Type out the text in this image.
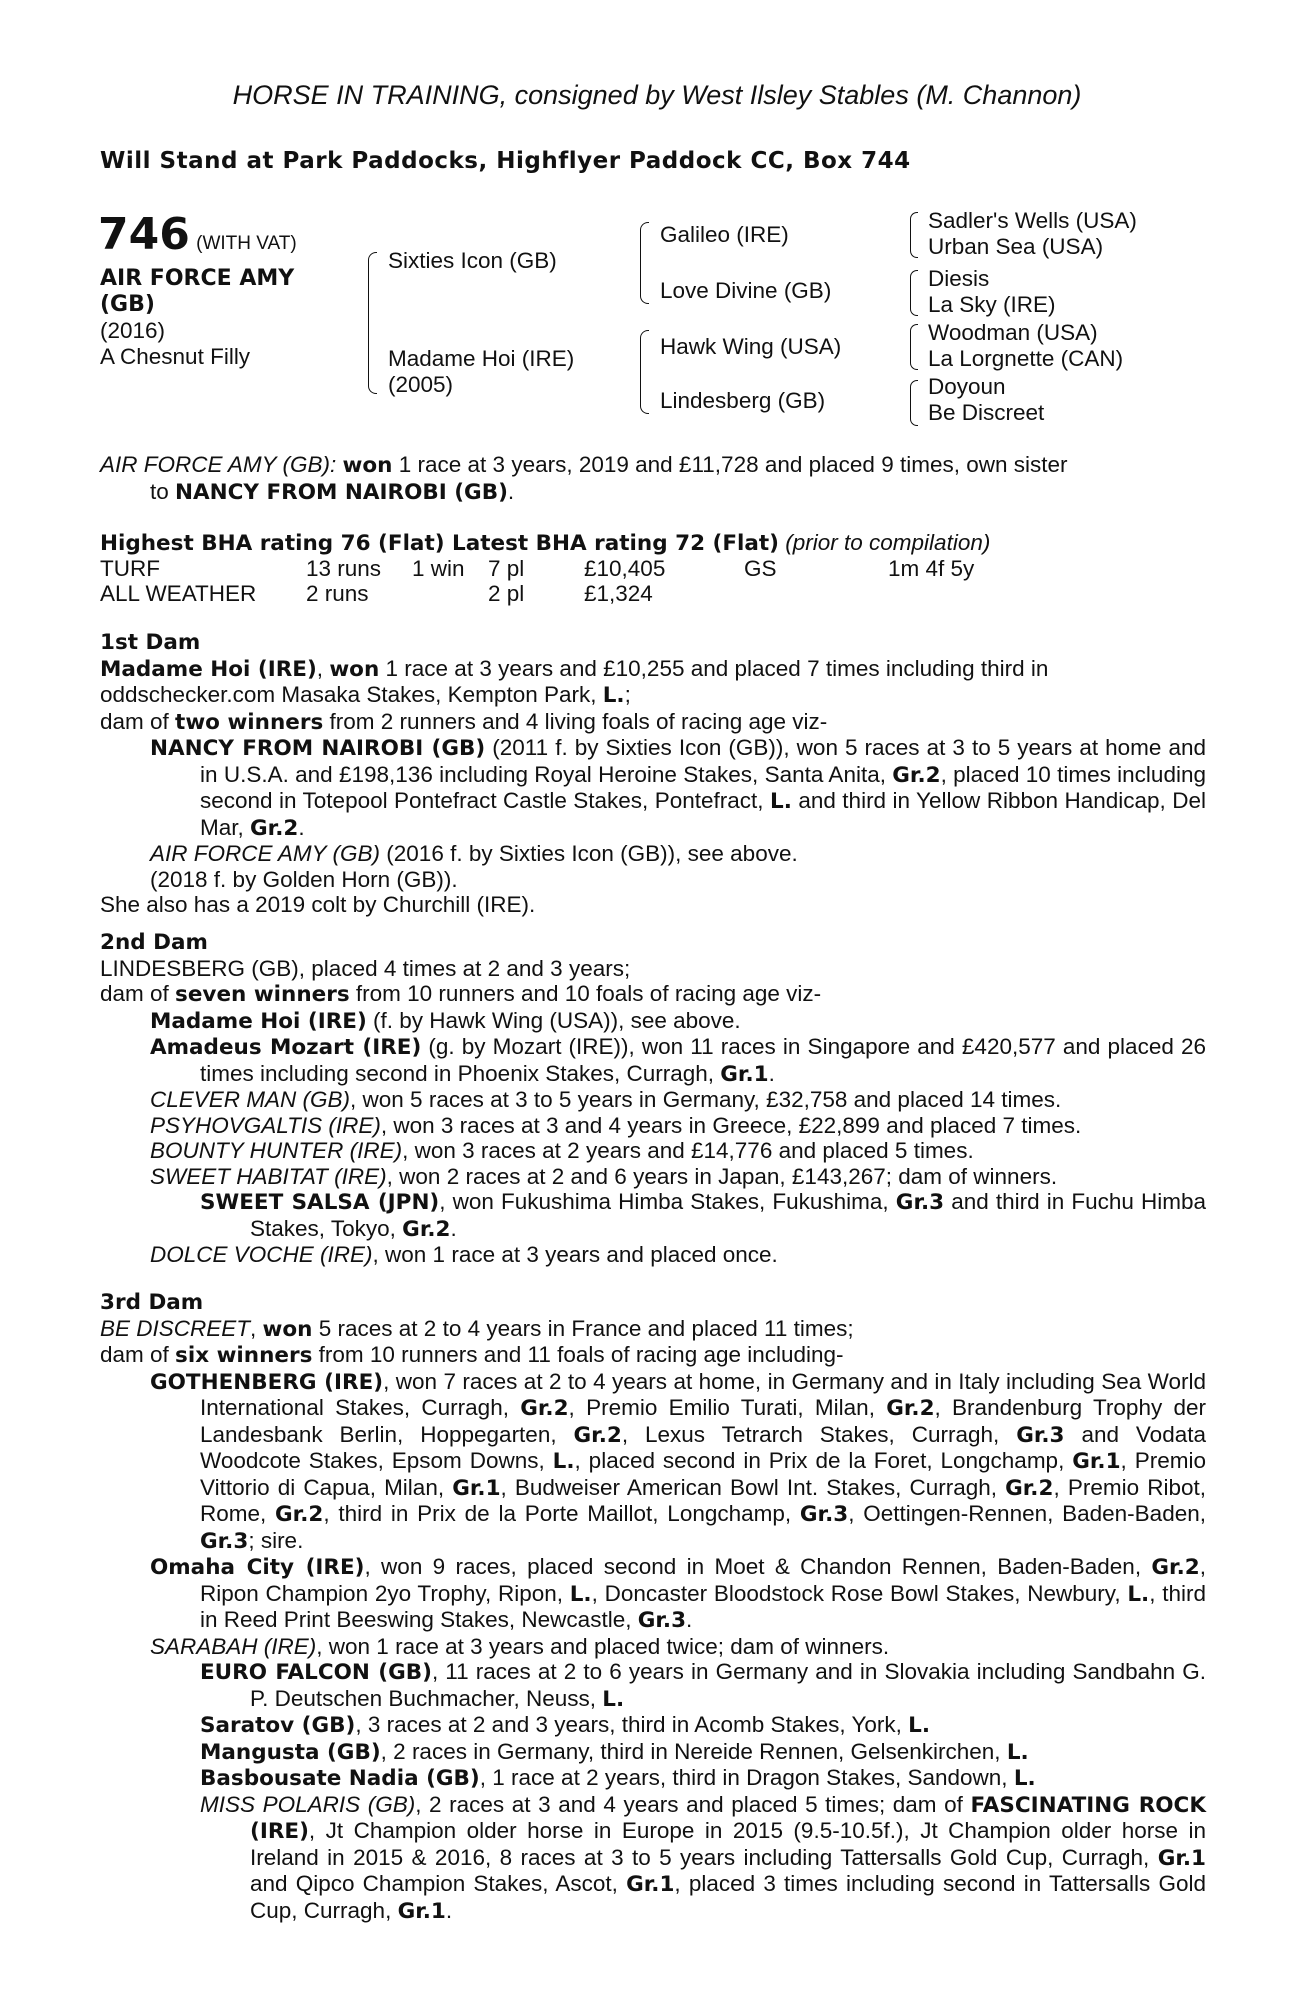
HORSE IN TRAINING, consigned by West Ilsley Stables (M. Channon)
Will Stand at Park Paddocks, Highflyer Paddock CC, Box 744
746 (WITH VAT)
AIR FORCE AMY
(GB)
(2016)
A Chesnut Filly
Sixties Icon (GB)
Madame Hoi (IRE)
(2005)
Galileo (IRE)
Love Divine (GB)
Hawk Wing (USA)
Lindesberg (GB)
Sadler's Wells (USA)
Urban Sea (USA)
Diesis
La Sky (IRE)
Woodman (USA)
La Lorgnette (CAN)
Doyoun
Be Discreet
AIR FORCE AMY (GB): won 1 race at 3 years, 2019 and £11,728 and placed 9 times, own sister
to NANCY FROM NAIROBI (GB).
Highest BHA rating 76 (Flat) Latest BHA rating 72 (Flat) (prior to compilation)
TURF	13 runs	1 win	7 pl	£10,405	GS	1m 4f 5y
ALL WEATHER	2 runs		2 pl	£1,324		
1st Dam
Madame Hoi (IRE), won 1 race at 3 years and £10,255 and placed 7 times including third in
oddschecker.com Masaka Stakes, Kempton Park, L.;
dam of two winners from 2 runners and 4 living foals of racing age viz-
NANCY FROM NAIROBI (GB) (2011 f. by Sixties Icon (GB)), won 5 races at 3 to 5 years at home and in U.S.A. and £198,136 including Royal Heroine Stakes, Santa Anita, Gr.2, placed 10 times including second in Totepool Pontefract Castle Stakes, Pontefract, L. and third in Yellow Ribbon Handicap, Del Mar, Gr.2.
AIR FORCE AMY (GB) (2016 f. by Sixties Icon (GB)), see above.
(2018 f. by Golden Horn (GB)).
She also has a 2019 colt by Churchill (IRE).
2nd Dam
LINDESBERG (GB), placed 4 times at 2 and 3 years;
dam of seven winners from 10 runners and 10 foals of racing age viz-
Madame Hoi (IRE) (f. by Hawk Wing (USA)), see above.
Amadeus Mozart (IRE) (g. by Mozart (IRE)), won 11 races in Singapore and £420,577 and placed 26 times including second in Phoenix Stakes, Curragh, Gr.1.
CLEVER MAN (GB), won 5 races at 3 to 5 years in Germany, £32,758 and placed 14 times.
PSYHOVGALTIS (IRE), won 3 races at 3 and 4 years in Greece, £22,899 and placed 7 times.
BOUNTY HUNTER (IRE), won 3 races at 2 years and £14,776 and placed 5 times.
SWEET HABITAT (IRE), won 2 races at 2 and 6 years in Japan, £143,267; dam of winners.
SWEET SALSA (JPN), won Fukushima Himba Stakes, Fukushima, Gr.3 and third in Fuchu Himba Stakes, Tokyo, Gr.2.
DOLCE VOCHE (IRE), won 1 race at 3 years and placed once.
3rd Dam
BE DISCREET, won 5 races at 2 to 4 years in France and placed 11 times;
dam of six winners from 10 runners and 11 foals of racing age including-
GOTHENBERG (IRE), won 7 races at 2 to 4 years at home, in Germany and in Italy including Sea World International Stakes, Curragh, Gr.2, Premio Emilio Turati, Milan, Gr.2, Brandenburg Trophy der Landesbank Berlin, Hoppegarten, Gr.2, Lexus Tetrarch Stakes, Curragh, Gr.3 and Vodata Woodcote Stakes, Epsom Downs, L., placed second in Prix de la Foret, Longchamp, Gr.1, Premio Vittorio di Capua, Milan, Gr.1, Budweiser American Bowl Int. Stakes, Curragh, Gr.2, Premio Ribot, Rome, Gr.2, third in Prix de la Porte Maillot, Longchamp, Gr.3, Oettingen-Rennen, Baden-Baden, Gr.3; sire.
Omaha City (IRE), won 9 races, placed second in Moet & Chandon Rennen, Baden-Baden, Gr.2, Ripon Champion 2yo Trophy, Ripon, L., Doncaster Bloodstock Rose Bowl Stakes, Newbury, L., third in Reed Print Beeswing Stakes, Newcastle, Gr.3.
SARABAH (IRE), won 1 race at 3 years and placed twice; dam of winners.
EURO FALCON (GB), 11 races at 2 to 6 years in Germany and in Slovakia including Sandbahn G. P. Deutschen Buchmacher, Neuss, L.
Saratov (GB), 3 races at 2 and 3 years, third in Acomb Stakes, York, L.
Mangusta (GB), 2 races in Germany, third in Nereide Rennen, Gelsenkirchen, L.
Basbousate Nadia (GB), 1 race at 2 years, third in Dragon Stakes, Sandown, L.
MISS POLARIS (GB), 2 races at 3 and 4 years and placed 5 times; dam of FASCINATING ROCK (IRE), Jt Champion older horse in Europe in 2015 (9.5-10.5f.), Jt Champion older horse in Ireland in 2015 & 2016, 8 races at 3 to 5 years including Tattersalls Gold Cup, Curragh, Gr.1 and Qipco Champion Stakes, Ascot, Gr.1, placed 3 times including second in Tattersalls Gold Cup, Curragh, Gr.1.
